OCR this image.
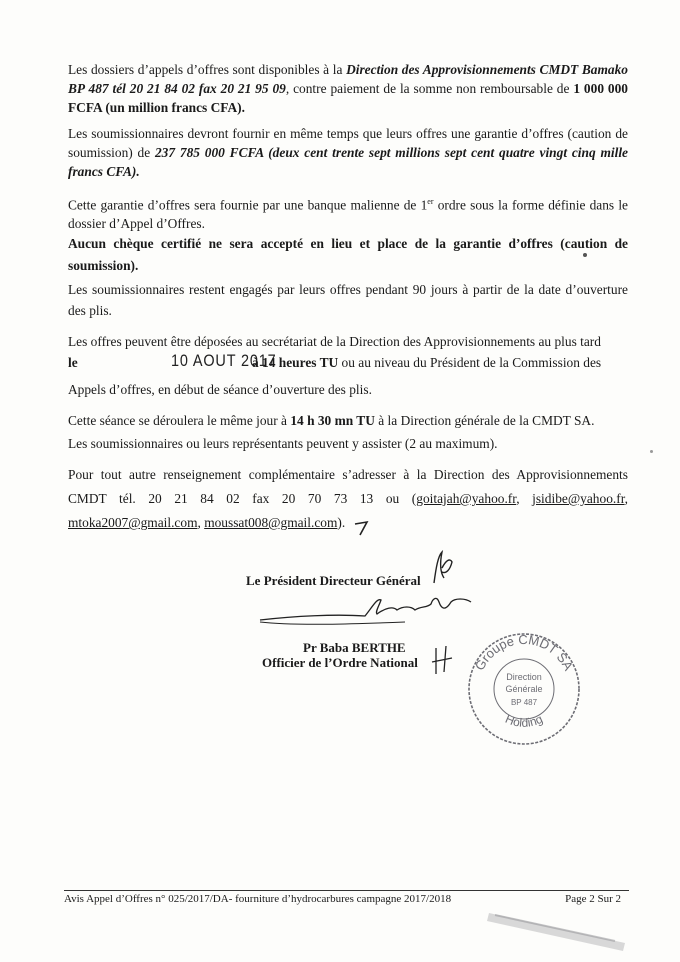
Les dossiers d’appels d’offres sont disponibles à la Direction des Approvisionnements CMDT Bamako BP 487 tél 20 21 84 02 fax 20 21 95 09, contre paiement de la somme non remboursable de 1 000 000 FCFA (un million francs CFA).

Les soumissionnaires devront fournir en même temps que leurs offres une garantie d’offres (caution de soumission) de 237 785 000 FCFA (deux cent trente sept millions sept cent quatre vingt cinq mille francs CFA).

Cette garantie d’offres sera fournie par une banque malienne de 1er ordre sous la forme définie dans le dossier d’Appel d’Offres.

Aucun chèque certifié ne sera accepté en lieu et place de la garantie d’offres (caution de soumission).

Les soumissionnaires restent engagés par leurs offres pendant 90 jours à partir de la date d’ouverture des plis.

Les offres peuvent être déposées au secrétariat de la Direction des Approvisionnements au plus tard

le	10 AOUT 2017
à 14 heures TU ou au niveau du Président de la Commission des

Appels d’offres, en début de séance d’ouverture des plis.

Cette séance se déroulera le même jour à 14 h 30 mn TU à la Direction générale de la CMDT SA.

Les soumissionnaires ou leurs représentants peuvent y assister (2 au maximum).

Pour tout autre renseignement complémentaire s’adresser à la Direction des Approvisionnements CMDT tél. 20 21 84 02 fax 20 70 73 13 ou (goitajah@yahoo.fr, jsidibe@yahoo.fr, mtoka2007@gmail.com, moussat008@gmail.com).

Le Président Directeur Général
Pr Baba BERTHE
Officier de l’Ordre National	Groupe CMDT SA
Holding
Direction
Générale
BP 487
Avis Appel d’Offres n° 025/2017/DA- fourniture d’hydrocarbures campagne 2017/2018	Page 2 Sur 2
